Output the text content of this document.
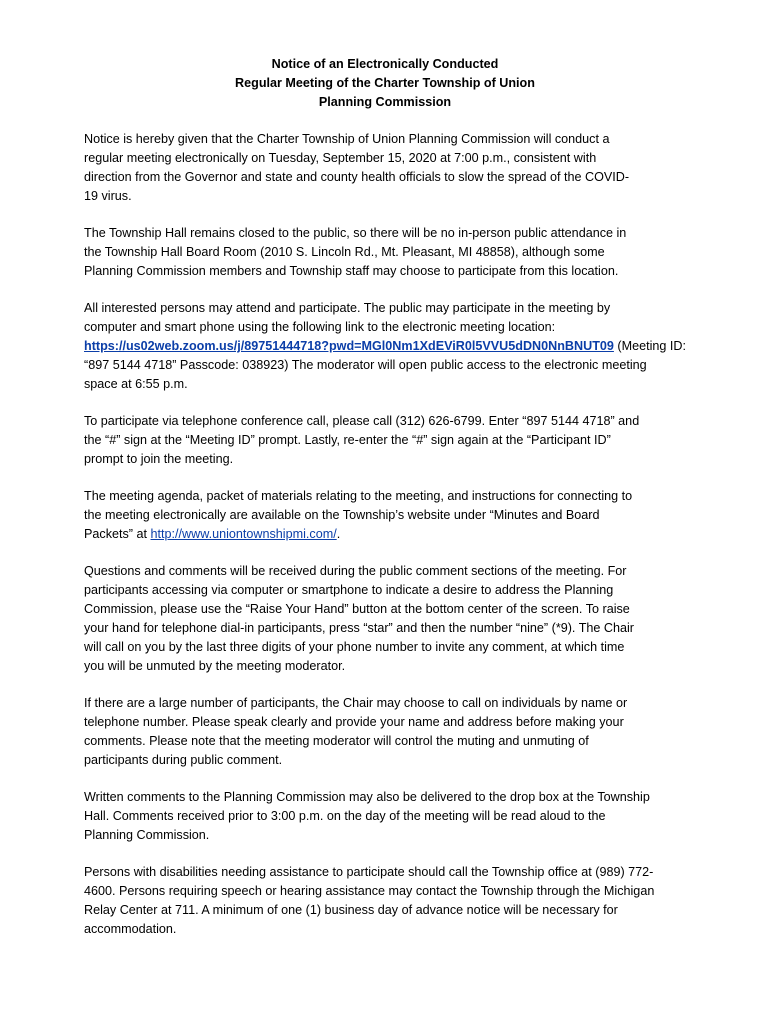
Notice of an Electronically Conducted
Regular Meeting of the Charter Township of Union
Planning Commission

Notice is hereby given that the Charter Township of Union Planning Commission will conduct a
regular meeting electronically on Tuesday, September 15, 2020 at 7:00 p.m., consistent with
direction from the Governor and state and county health officials to slow the spread of the COVID-
19 virus.

The Township Hall remains closed to the public, so there will be no in-person public attendance in
the Township Hall Board Room (2010 S. Lincoln Rd., Mt. Pleasant, MI 48858), although some
Planning Commission members and Township staff may choose to participate from this location.

All interested persons may attend and participate. The public may participate in the meeting by
computer and smart phone using the following link to the electronic meeting location:
https://us02web.zoom.us/j/89751444718?pwd=MGl0Nm1XdEViR0l5VVU5dDN0NnBNUT09 (Meeting ID:
“897 5144 4718” Passcode: 038923) The moderator will open public access to the electronic meeting
space at 6:55 p.m.

To participate via telephone conference call, please call (312) 626-6799. Enter “897 5144 4718” and
the “#” sign at the “Meeting ID” prompt. Lastly, re-enter the “#” sign again at the “Participant ID”
prompt to join the meeting.

The meeting agenda, packet of materials relating to the meeting, and instructions for connecting to
the meeting electronically are available on the Township’s website under “Minutes and Board
Packets” at http://www.uniontownshipmi.com/.

Questions and comments will be received during the public comment sections of the meeting. For
participants accessing via computer or smartphone to indicate a desire to address the Planning
Commission, please use the “Raise Your Hand” button at the bottom center of the screen. To raise
your hand for telephone dial-in participants, press “star” and then the number “nine” (*9). The Chair
will call on you by the last three digits of your phone number to invite any comment, at which time
you will be unmuted by the meeting moderator.

If there are a large number of participants, the Chair may choose to call on individuals by name or
telephone number. Please speak clearly and provide your name and address before making your
comments. Please note that the meeting moderator will control the muting and unmuting of
participants during public comment.

Written comments to the Planning Commission may also be delivered to the drop box at the Township
Hall. Comments received prior to 3:00 p.m. on the day of the meeting will be read aloud to the
Planning Commission.

Persons with disabilities needing assistance to participate should call the Township office at (989) 772-
4600. Persons requiring speech or hearing assistance may contact the Township through the Michigan
Relay Center at 711. A minimum of one (1) business day of advance notice will be necessary for
accommodation.
